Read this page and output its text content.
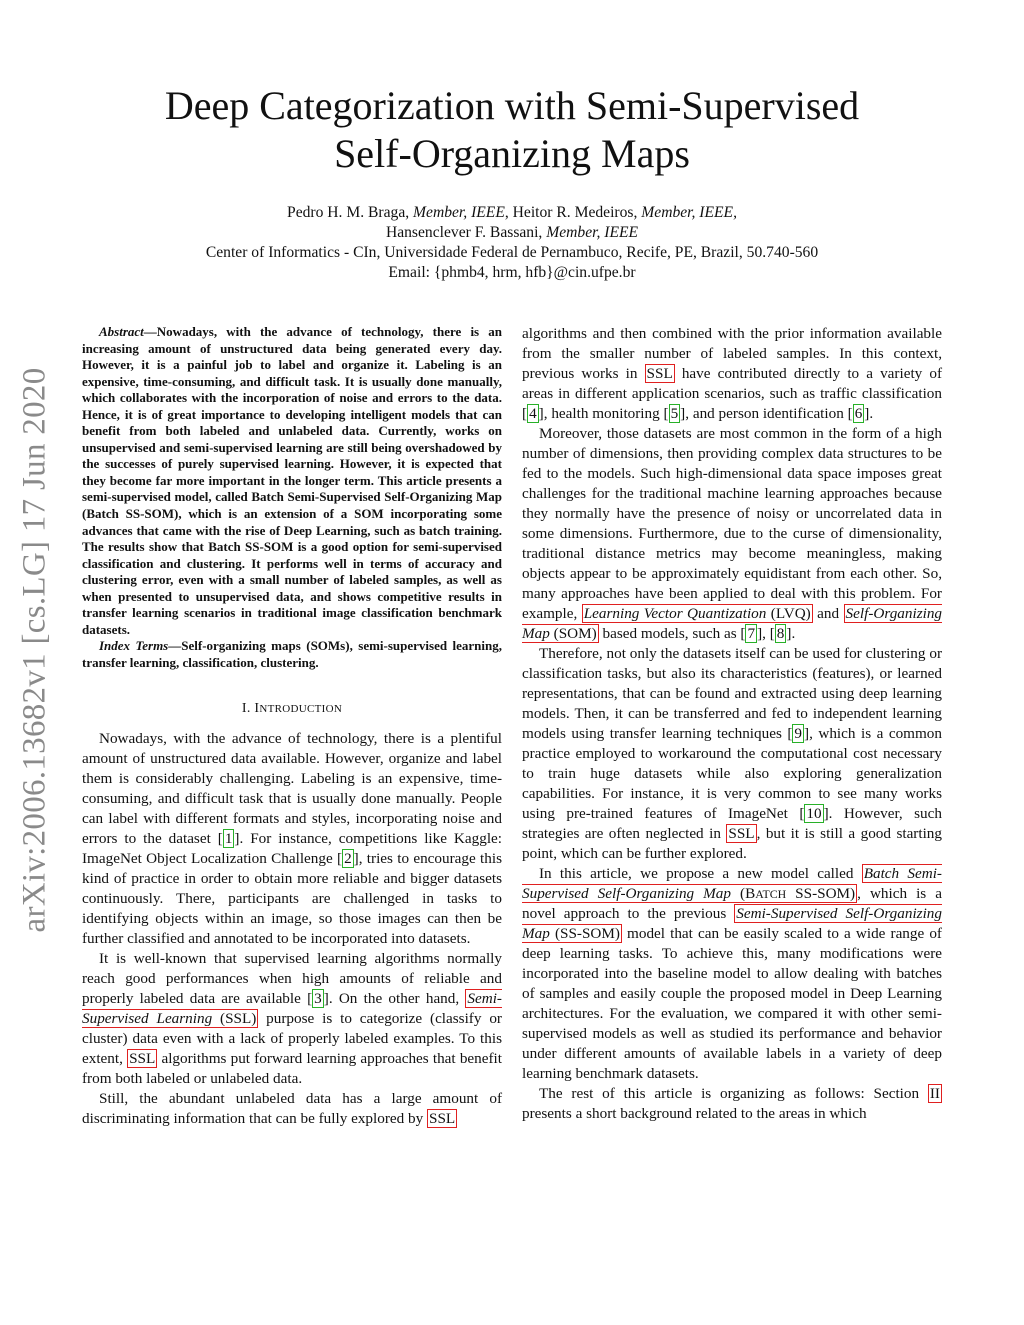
arXiv:2006.13682v1 [cs.LG] 17 Jun 2020
Deep Categorization with Semi-Supervised
Self-Organizing Maps
Pedro H. M. Braga, Member, IEEE, Heitor R. Medeiros, Member, IEEE,
Hansenclever F. Bassani, Member, IEEE
Center of Informatics - CIn, Universidade Federal de Pernambuco, Recife, PE, Brazil, 50.740-560
Email: {phmb4, hrm, hfb}@cin.ufpe.br

Abstract—Nowadays, with the advance of technology, there is an increasing amount of unstructured data being generated every day. However, it is a painful job to label and organize it. Labeling is an expensive, time-consuming, and difficult task. It is usually done manually, which collaborates with the incorporation of noise and errors to the data. Hence, it is of great importance to developing intelligent models that can benefit from both labeled and unlabeled data. Currently, works on unsupervised and semi-supervised learning are still being overshadowed by the successes of purely supervised learning. However, it is expected that they become far more important in the longer term. This article presents a semi-supervised model, called Batch Semi-Supervised Self-Organizing Map (Batch SS-SOM), which is an extension of a SOM incorporating some advances that came with the rise of Deep Learning, such as batch training. The results show that Batch SS-SOM is a good option for semi-supervised classification and clustering. It performs well in terms of accuracy and clustering error, even with a small number of labeled samples, as well as when presented to unsupervised data, and shows competitive results in transfer learning scenarios in traditional image classification benchmark datasets.

Index Terms—Self-organizing maps (SOMs), semi-supervised learning, transfer learning, classification, clustering.

I. INTRODUCTION

Nowadays, with the advance of technology, there is a plentiful amount of unstructured data available. However, organize and label them is considerably challenging. Labeling is an expensive, time-consuming, and difficult task that is usually done manually. People can label with different formats and styles, incorporating noise and errors to the dataset [ 1 ]. For instance, competitions like Kaggle: ImageNet Object Localization Challenge [ 2 ], tries to encourage this kind of practice in order to obtain more reliable and bigger datasets continuously. There, participants are challenged in tasks to identifying objects within an image, so those images can then be further classified and annotated to be incorporated into datasets.

It is well-known that supervised learning algorithms normally reach good performances when high amounts of reliable and properly labeled data are available [ 3 ]. On the other hand, Semi-Supervised Learning (SSL) purpose is to categorize (classify or cluster) data even with a lack of properly labeled examples. To this extent, SSL algorithms put forward learning approaches that benefit from both labeled or unlabeled data.

Still, the abundant unlabeled data has a large amount of discriminating information that can be fully explored by SSL

algorithms and then combined with the prior information available from the smaller number of labeled samples. In this context, previous works in SSL have contributed directly to a variety of areas in different application scenarios, such as traffic classification [ 4 ], health monitoring [ 5 ], and person identification [ 6 ].

Moreover, those datasets are most common in the form of a high number of dimensions, then providing complex data structures to be fed to the models. Such high-dimensional data space imposes great challenges for the traditional machine learning approaches because they normally have the presence of noisy or uncorrelated data in some dimensions. Furthermore, due to the curse of dimensionality, traditional distance metrics may become meaningless, making objects appear to be approximately equidistant from each other. So, many approaches have been applied to deal with this problem. For example, Learning Vector Quantization (LVQ) and Self-Organizing Map (SOM) based models, such as [ 7 ], [ 8 ].

Therefore, not only the datasets itself can be used for clustering or classification tasks, but also its characteristics (features), or learned representations, that can be found and extracted using deep learning models. Then, it can be transferred and fed to independent learning models using transfer learning techniques [ 9 ], which is a common practice employed to workaround the computational cost necessary to train huge datasets while also exploring generalization capabilities. For instance, it is very common to see many works using pre-trained features of ImageNet [ 10 ]. However, such strategies are often neglected in SSL , but it is still a good starting point, which can be further explored.

In this article, we propose a new model called Batch Semi-Supervised Self-Organizing Map (BATCH SS-SOM) , which is a novel approach to the previous Semi-Supervised Self-Organizing Map (SS-SOM) model that can be easily scaled to a wide range of deep learning tasks. To achieve this, many modifications were incorporated into the baseline model to allow dealing with batches of samples and easily couple the proposed model in Deep Learning architectures. For the evaluation, we compared it with other semi-supervised models as well as studied its performance and behavior under different amounts of available labels in a variety of deep learning benchmark datasets.

The rest of this article is organizing as follows: Section II presents a short background related to the areas in which
